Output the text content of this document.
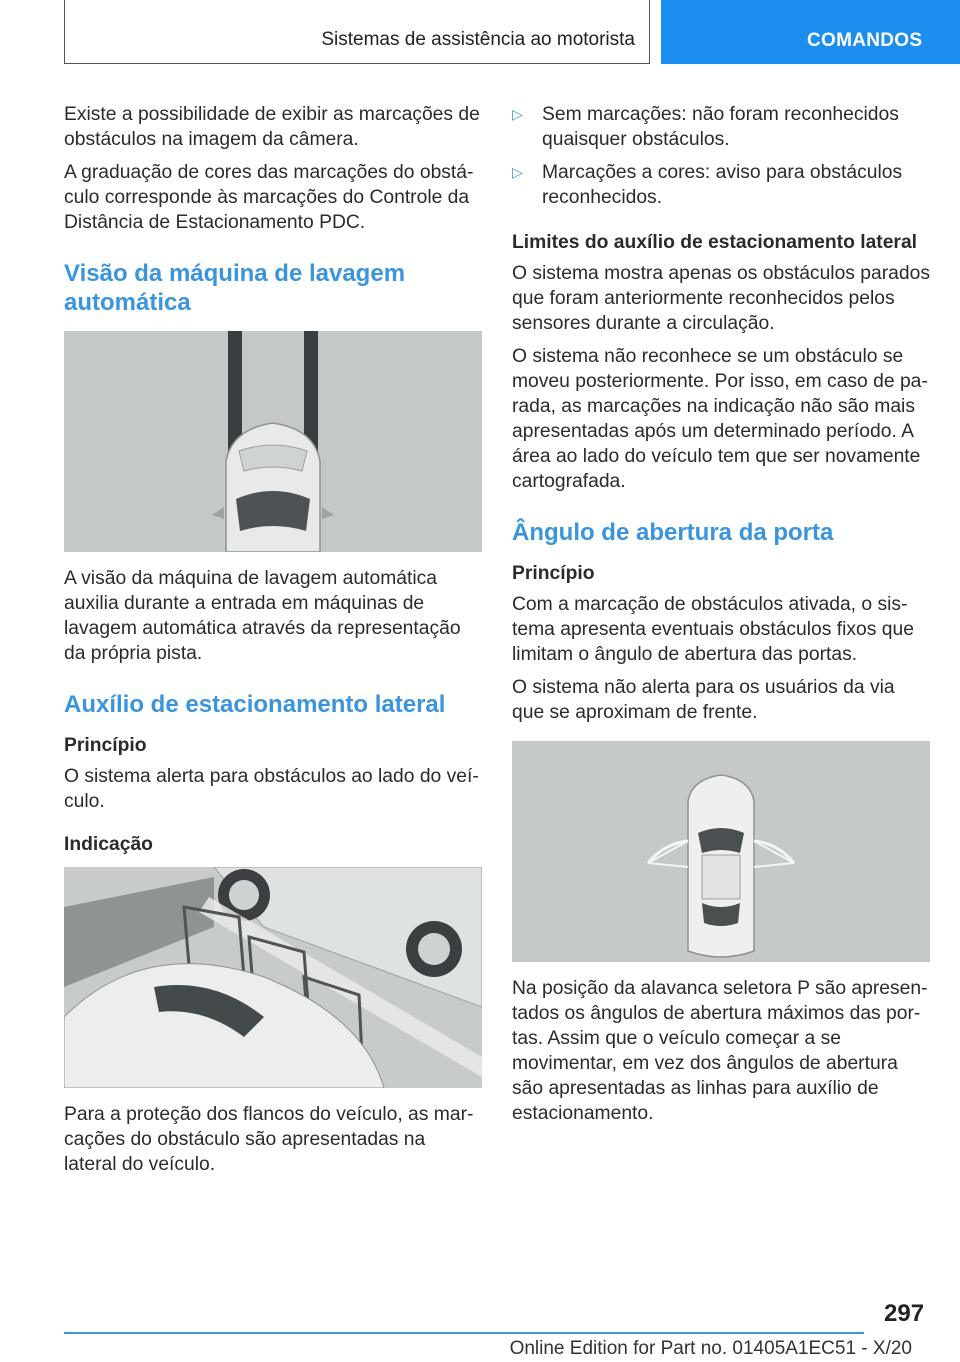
Sistemas de assistência ao motorista	COMANDOS

Existe a possibilidade de exibir as marcações de obstáculos na imagem da câmera.

A graduação de cores das marcações do obstáculo corresponde às marcações do Controle da Distância de Estacionamento PDC.

Visão da máquina de lavagem automática

A visão da máquina de lavagem automática auxilia durante a entrada em máquinas de lavagem automática através da representação da própria pista.

Auxílio de estacionamento lateral
Princípio

O sistema alerta para obstáculos ao lado do veículo.

Indicação

Para a proteção dos flancos do veículo, as marcações do obstáculo são apresentadas na lateral do veículo.

▷ Sem marcações: não foram reconhecidos quaisquer obstáculos.
▷ Marcações a cores: aviso para obstáculos reconhecidos.
Limites do auxílio de estacionamento lateral

O sistema mostra apenas os obstáculos parados que foram anteriormente reconhecidos pelos sensores durante a circulação.

O sistema não reconhece se um obstáculo se moveu posteriormente. Por isso, em caso de parada, as marcações na indicação não são mais apresentadas após um determinado período. A área ao lado do veículo tem que ser novamente cartografada.

Ângulo de abertura da porta
Princípio

Com a marcação de obstáculos ativada, o sistema apresenta eventuais obstáculos fixos que limitam o ângulo de abertura das portas.

O sistema não alerta para os usuários da via que se aproximam de frente.

Na posição da alavanca seletora P são apresentados os ângulos de abertura máximos das portas. Assim que o veículo começar a se movimentar, em vez dos ângulos de abertura são apresentadas as linhas para auxílio de estacionamento.

297
Online Edition for Part no. 01405A1EC51 - X/20
